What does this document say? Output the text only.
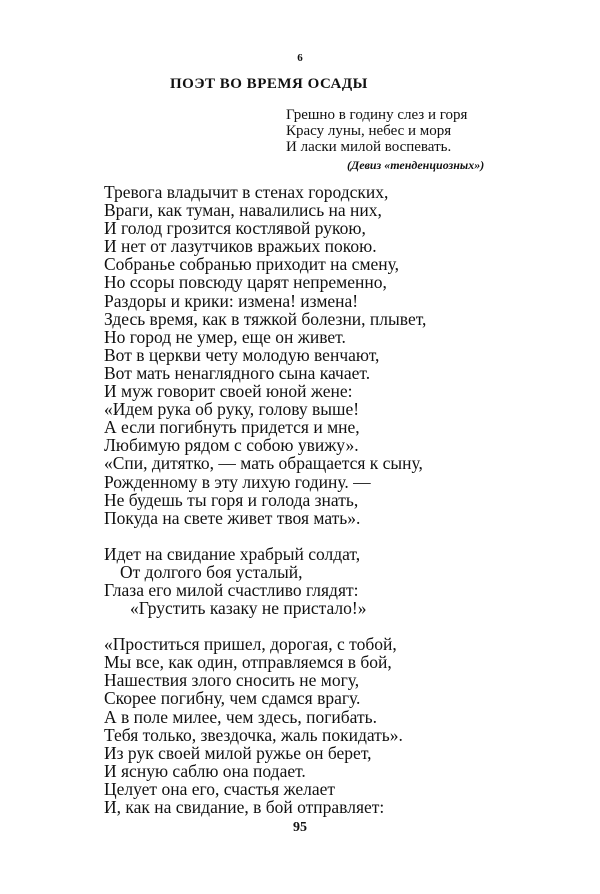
6
ПОЭТ ВО ВРЕМЯ ОСАДЫ
Грешно в годину слез и горя
Красу луны, небес и моря
И ласки милой воспевать.
(Девиз «тенденциозных»)
Тревога владычит в стенах городских,
Враги, как туман, навалились на них,
И голод грозится костлявой рукою,
И нет от лазутчиков вражьих покою.
Собранье собранью приходит на смену,
Но ссоры повсюду царят непременно,
Раздоры и крики: измена! измена!
Здесь время, как в тяжкой болезни, плывет,
Но город не умер, еще он живет.
Вот в церкви чету молодую венчают,
Вот мать ненаглядного сына качает.
И муж говорит своей юной жене:
«Идем рука об руку, голову выше!
А если погибнуть придется и мне,
Любимую рядом с собою увижу».
«Спи, дитятко, — мать обращается к сыну,
Рожденному в эту лихую годину. —
Не будешь ты горя и голода знать,
Покуда на свете живет твоя мать».
Идет на свидание храбрый солдат,
От долгого боя усталый,
Глаза его милой счастливо глядят:
«Грустить казаку не пристало!»
«Проститься пришел, дорогая, с тобой,
Мы все, как один, отправляемся в бой,
Нашествия злого сносить не могу,
Скорее погибну, чем сдамся врагу.
А в поле милее, чем здесь, погибать.
Тебя только, звездочка, жаль покидать».
Из рук своей милой ружье он берет,
И ясную саблю она подает.
Целует она его, счастья желает
И, как на свидание, в бой отправляет:
95
